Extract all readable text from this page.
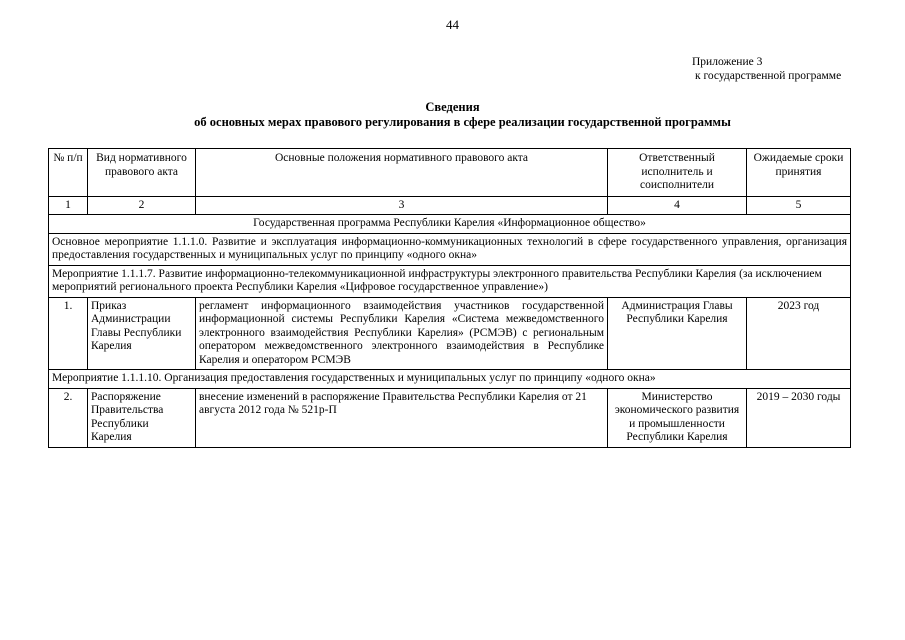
44
Приложение 3
к государственной программе
Сведения
об основных мерах правового регулирования в сфере реализации государственной программы
№ п/п	Вид нормативного правового акта	Основные положения нормативного правового акта	Ответственный исполнитель и соисполнители	Ожидаемые сроки принятия
1	2	3	4	5
Государственная программа Республики Карелия «Информационное общество»				
Основное мероприятие 1.1.1.0. Развитие и эксплуатация информационно-коммуникационных технологий в сфере государственного управления, организация предоставления государственных и муниципальных услуг по принципу «одного окна»				
Мероприятие 1.1.1.7. Развитие информационно-телекоммуникационной инфраструктуры электронного правительства Республики Карелия (за исключением мероприятий регионального проекта Республики Карелия «Цифровое государственное управление»)				
1.	Приказ Администрации Главы Республики Карелия	регламент информационного взаимодействия участников государственной информационной системы Республики Карелия «Система межведомственного электронного взаимодействия Республики Карелия» (РСМЭВ) с региональным оператором межведомственного электронного взаимодействия в Республике Карелия и оператором РСМЭВ	Администрация Главы Республики Карелия	2023 год
Мероприятие 1.1.1.10. Организация предоставления государственных и муниципальных услуг по принципу «одного окна»				
2.	Распоряжение Правительства Республики Карелия	внесение изменений в распоряжение Правительства Республики Карелия от 21 августа 2012 года № 521р-П	Министерство экономического развития и промышленности Республики Карелия	2019 – 2030 годы
